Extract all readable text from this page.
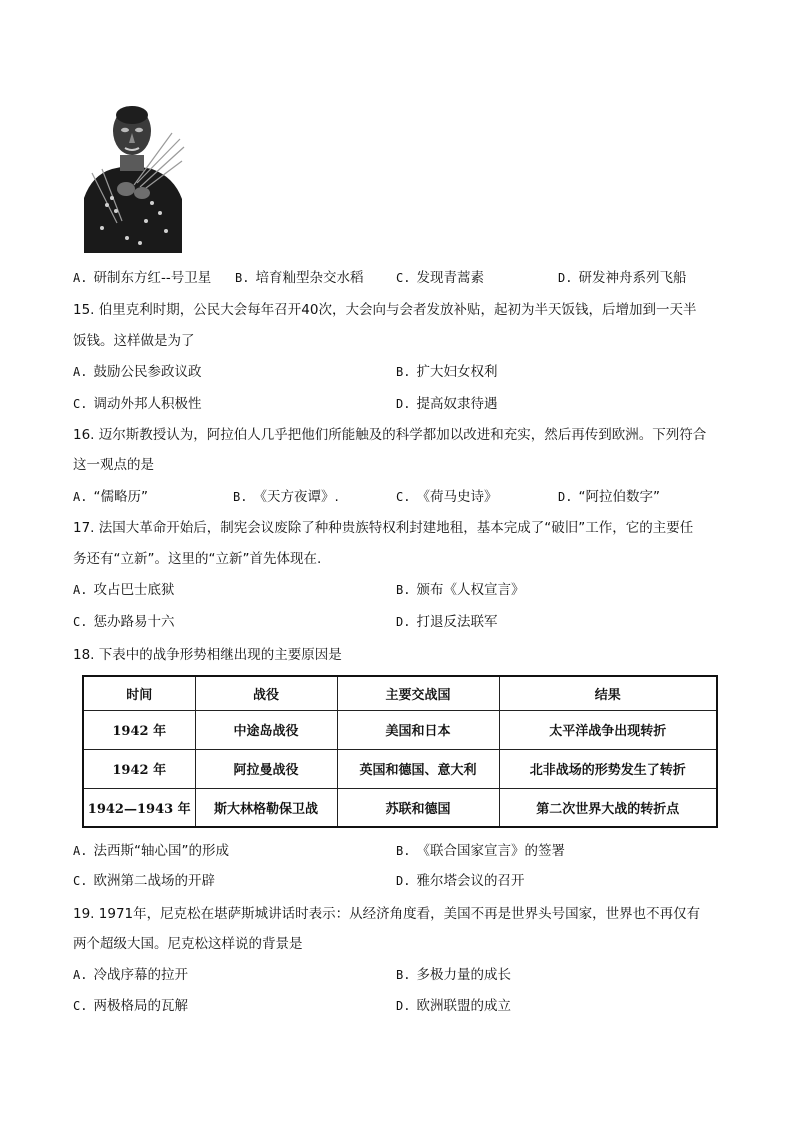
A. 研制东方红--号卫星 B. 培育籼型杂交水稻	C. 发现青蒿素	D. 研发神舟系列飞船
15. 伯里克利时期，公民大会每年召开40次，大会向与会者发放补贴，起初为半天饭钱，后增加到一天半
饭钱。这样做是为了
A. 鼓励公民参政议政	B. 扩大妇女权利
C. 调动外邦人积极性	D. 提高奴隶待遇
16. 迈尔斯教授认为，阿拉伯人几乎把他们所能触及的科学都加以改进和充实，然后再传到欧洲。下列符合
这一观点的是
A. “儒略历”	B. 《天方夜谭》.	C. 《荷马史诗》	D. “阿拉伯数字”
17. 法国大革命开始后，制宪会议废除了种种贵族特权利封建地租，基本完成了“破旧”工作，它的主要任
务还有“立新”。这里的“立新”首先体现在.
A. 攻占巴士底狱	B. 颁布《人权宣言》
C. 惩办路易十六	D. 打退反法联军
18. 下表中的战争形势相继出现的主要原因是
时间	战役	主要交战国	结果
1942 年	中途岛战役	美国和日本	太平洋战争出现转折
1942 年	阿拉曼战役	英国和德国、意大利	北非战场的形势发生了转折
1942—1943 年	斯大林格勒保卫战	苏联和德国	第二次世界大战的转折点
A. 法西斯“轴心国”的形成	B. 《联合国家宣言》的签署
C. 欧洲第二战场的开辟	D. 雅尔塔会议的召开
19. 1971年，尼克松在堪萨斯城讲话时表示：从经济角度看，美国不再是世界头号国家，世界也不再仅有
两个超级大国。尼克松这样说的背景是
A. 冷战序幕的拉开	B. 多极力量的成长
C. 两极格局的瓦解	D. 欧洲联盟的成立
